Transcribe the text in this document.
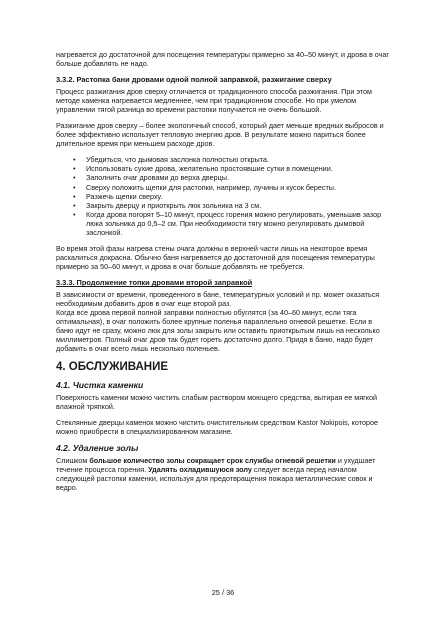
нагревается до достаточной для посещения температуры примерно за 40–50 минут, и дрова в очаг больше добавлять не надо.

3.3.2. Растопка бани дровами одной полной заправкой, разжигание сверху

Процесс разжигания дров сверху отличается от традиционного способа разжигания. При этом методе каменка нагревается медленнее, чем при традиционном способе. Но при умелом управлении тягой разница во времени растопки получается не очень большой.

Разжигание дров сверху – более экологичный способ, который дает меньше вредных выбросов и более эффективно использует тепловую энергию дров. В результате можно париться более длительное время при меньшем расходе дров.

• Убедиться, что дымовая заслонка полностью открыта.
• Использовать сухие дрова, желательно простоявшие сутки в помещении.
• Заполнить очаг дровами до верха дверцы.
• Сверху положить щепки для растопки, например, лучины и кусок бересты.
• Разжечь щепки сверху.
• Закрыть дверцу и приоткрыть люк зольника на 3 см.
• Когда дрова погорят 5–10 минут, процесс горения можно регулировать, уменьшив зазор люка зольника до 0,5–2 см. При необходимости тягу можно регулировать дымовой заслонкой.

Во время этой фазы нагрева стены очага должны в верхней части лишь на некоторое время раскалиться докрасна. Обычно баня нагревается до достаточной для посещения температуры примерно за 50–60 минут, и дрова в очаг больше добавлять не требуется.

3.3.3. Продолжение топки дровами второй заправкой

В зависимости от времени, проведенного в бане, температурных условий и пр. может оказаться необходимым добавить дров в очаг еще второй раз.

Когда все дрова первой полной заправки полностью обуглятся (за 40–60 минут, если тяга оптимальная), в очаг положить более крупные поленья параллельно огневой решетке. Если в баню идут не сразу, можно люк для золы закрыть или оставить приоткрытым лишь на несколько миллиметров. Полный очаг дров так будет гореть достаточно долго. Придя в баню, надо будет добавить в очаг всего лишь несколько поленьев.

4. ОБСЛУЖИВАНИЕ
4.1. Чистка каменки

Поверхность каменки можно чистить слабым раствором моющего средства, вытирая ее мягкой влажной тряпкой.

Стеклянные дверцы каменок можно чистить очистительным средством Kastor Nokipois, которое можно приобрести в специализированном магазине.

4.2. Удаление золы

Слишком большое количество золы сокращает срок службы огневой решетки и ухудшает течение процесса горения. Удалять охладившуюся золу следует всегда перед началом следующей растопки каменки, используя для предотвращения пожара металлические совок и ведро.

25 / 36
